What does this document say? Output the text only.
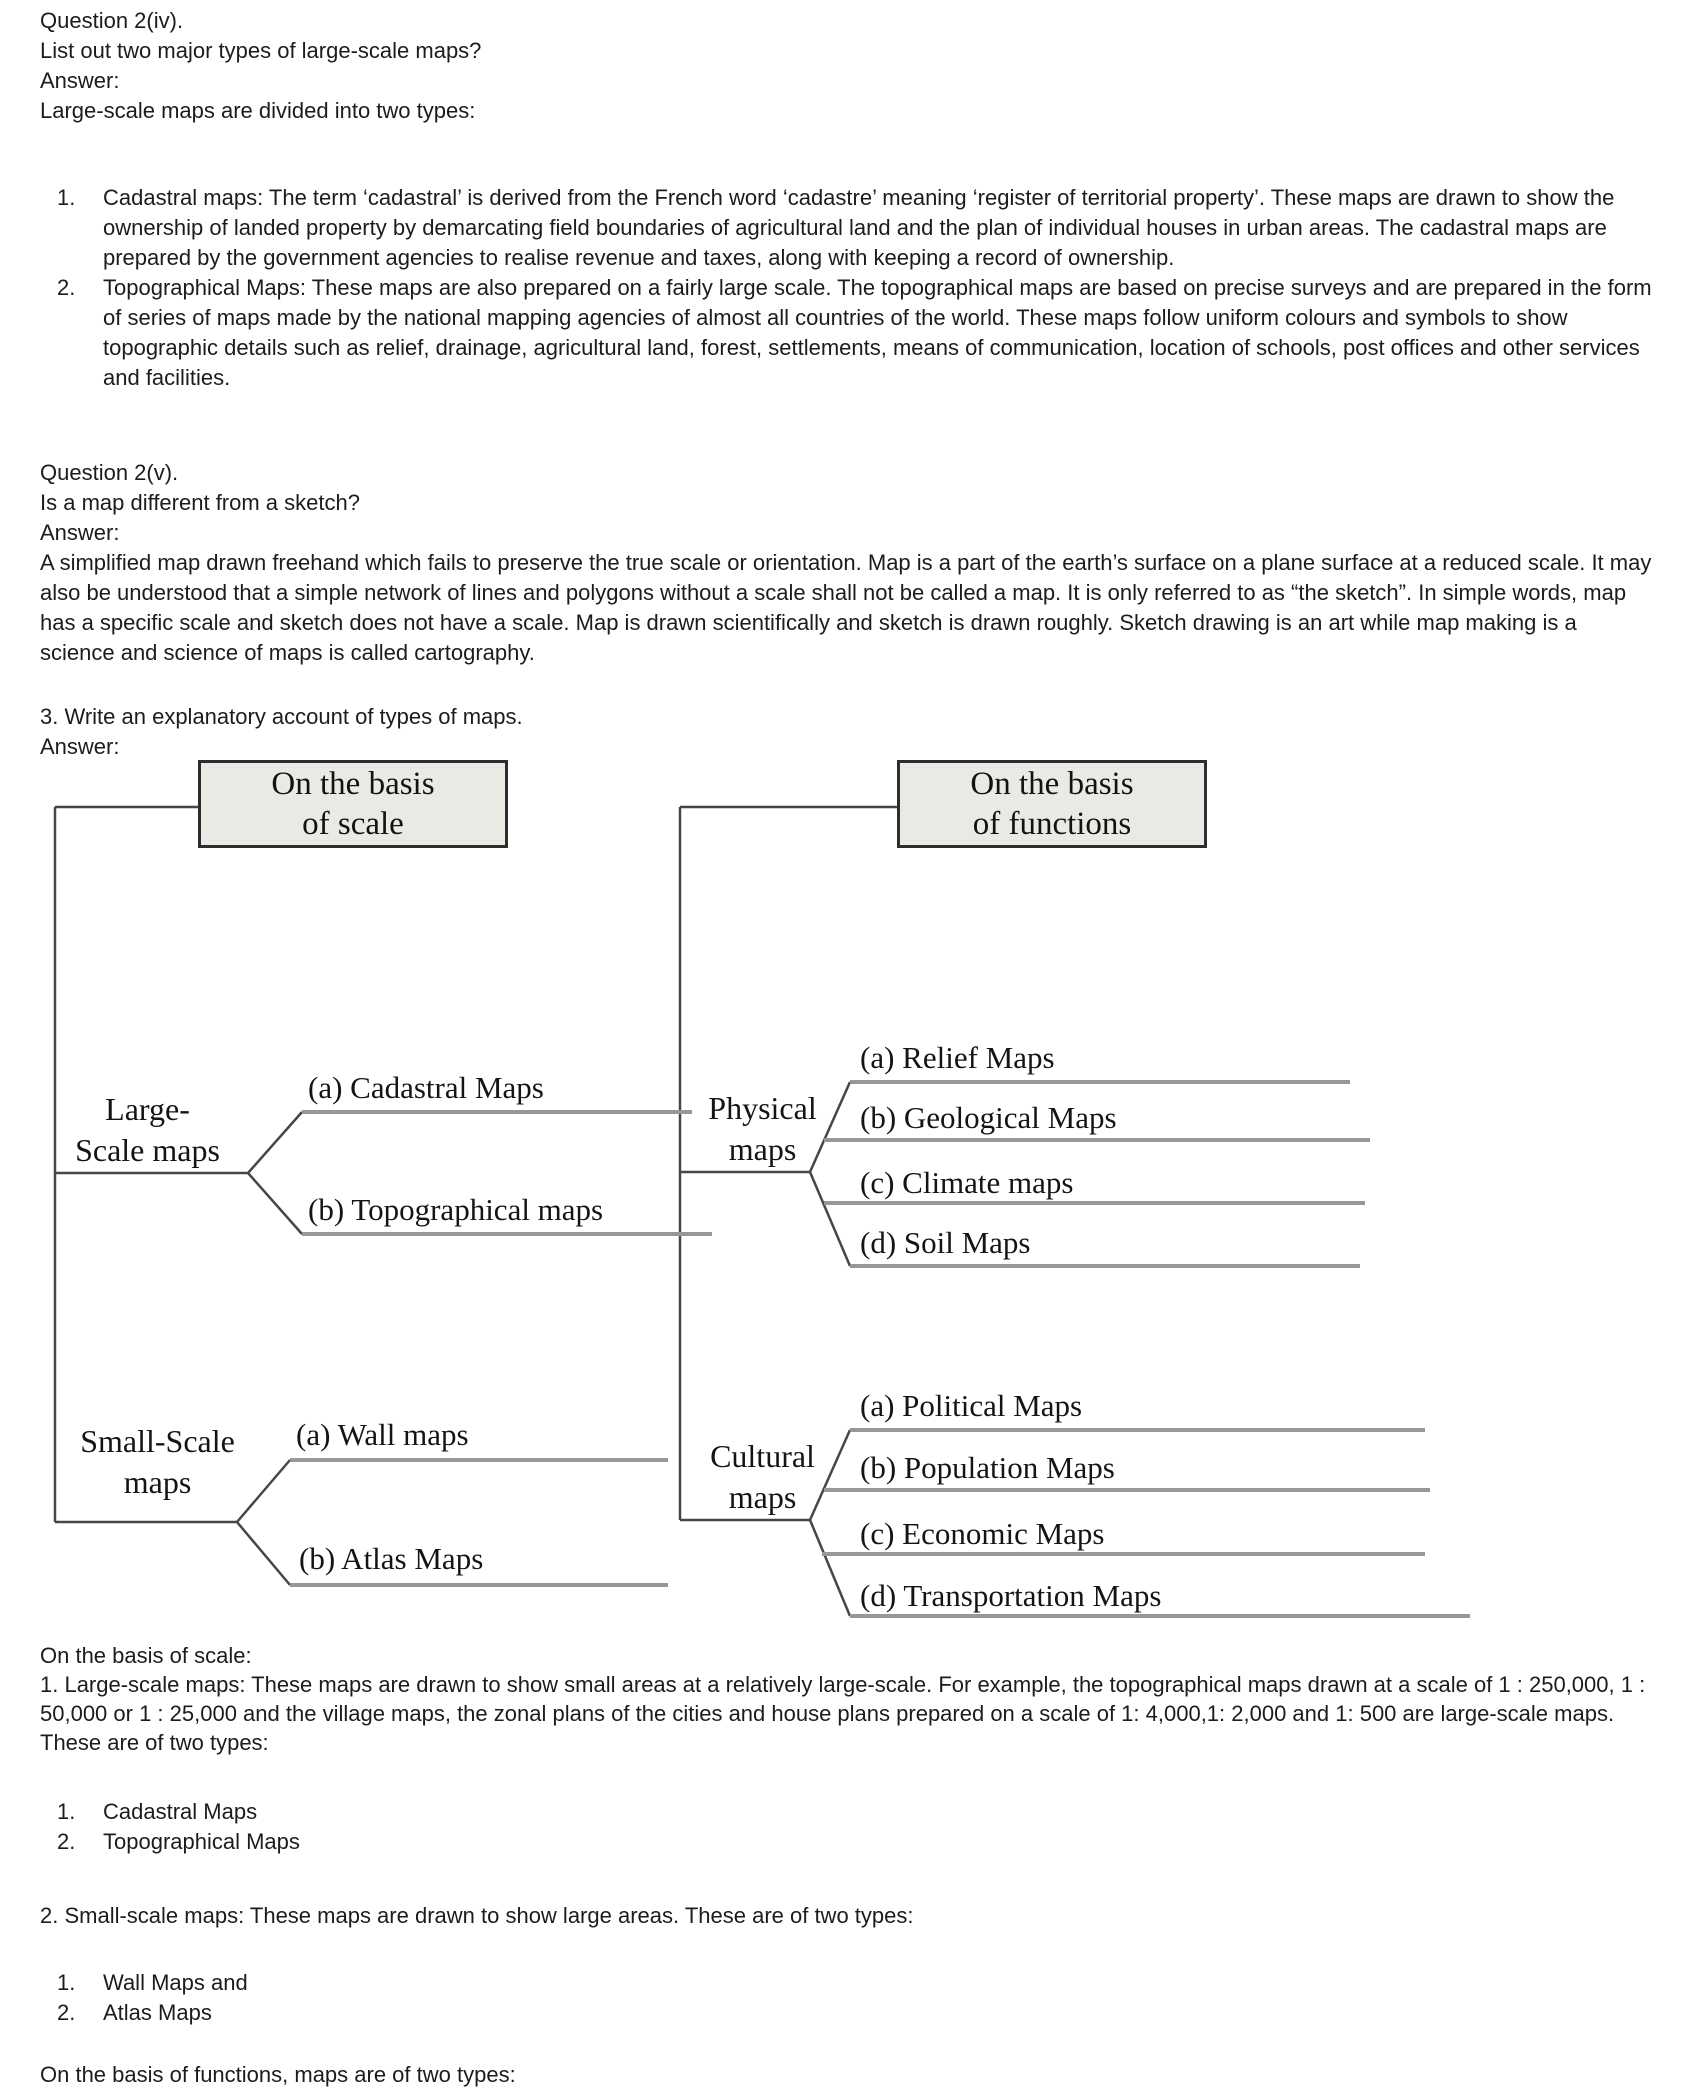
Question 2(iv).
List out two major types of large-scale maps?
Answer:
Large-scale maps are divided into two types:
1.	Cadastral maps: The term ‘cadastral’ is derived from the French word ‘cadastre’ meaning ‘register of territorial property’. These maps are drawn to show the ownership of landed property by demarcating field boundaries of agricultural land and the plan of individual houses in urban areas. The cadastral maps are prepared by the government agencies to realise revenue and taxes, along with keeping a record of ownership.
2.	Topographical Maps: These maps are also prepared on a fairly large scale. The topographical maps are based on precise surveys and are prepared in the form of series of maps made by the national mapping agencies of almost all countries of the world. These maps follow uniform colours and symbols to show topographic details such as relief, drainage, agricultural land, forest, settlements, means of communication, location of schools, post offices and other services and facilities.
Question 2(v).
Is a map different from a sketch?
Answer:
A simplified map drawn freehand which fails to preserve the true scale or orientation. Map is a part of the earth’s surface on a plane surface at a reduced scale. It may also be understood that a simple network of lines and polygons without a scale shall not be called a map. It is only referred to as “the sketch”. In simple words, map has a specific scale and sketch does not have a scale. Map is drawn scientifically and sketch is drawn roughly. Sketch drawing is an art while map making is a science and science of maps is called cartography.
3. Write an explanatory account of types of maps.
Answer:
On the basis
of scale
On the basis
of functions
Large-
Scale maps
(a) Cadastral Maps
(b) Topographical maps
Small-Scale
maps
(a) Wall maps
(b) Atlas Maps
Physical
maps
(a) Relief Maps
(b) Geological Maps
(c) Climate maps
(d) Soil Maps
Cultural
maps
(a) Political Maps
(b) Population Maps
(c) Economic Maps
(d) Transportation Maps
On the basis of scale:
1. Large-scale maps: These maps are drawn to show small areas at a relatively large-scale. For example, the topographical maps drawn at a scale of 1 : 250,000, 1 : 50,000 or 1 : 25,000 and the village maps, the zonal plans of the cities and house plans prepared on a scale of 1: 4,000,1: 2,000 and 1: 500 are large-scale maps. These are of two types:
1.	Cadastral Maps
2.	Topographical Maps
2. Small-scale maps: These maps are drawn to show large areas. These are of two types:
1.	Wall Maps and
2.	Atlas Maps
On the basis of functions, maps are of two types:
